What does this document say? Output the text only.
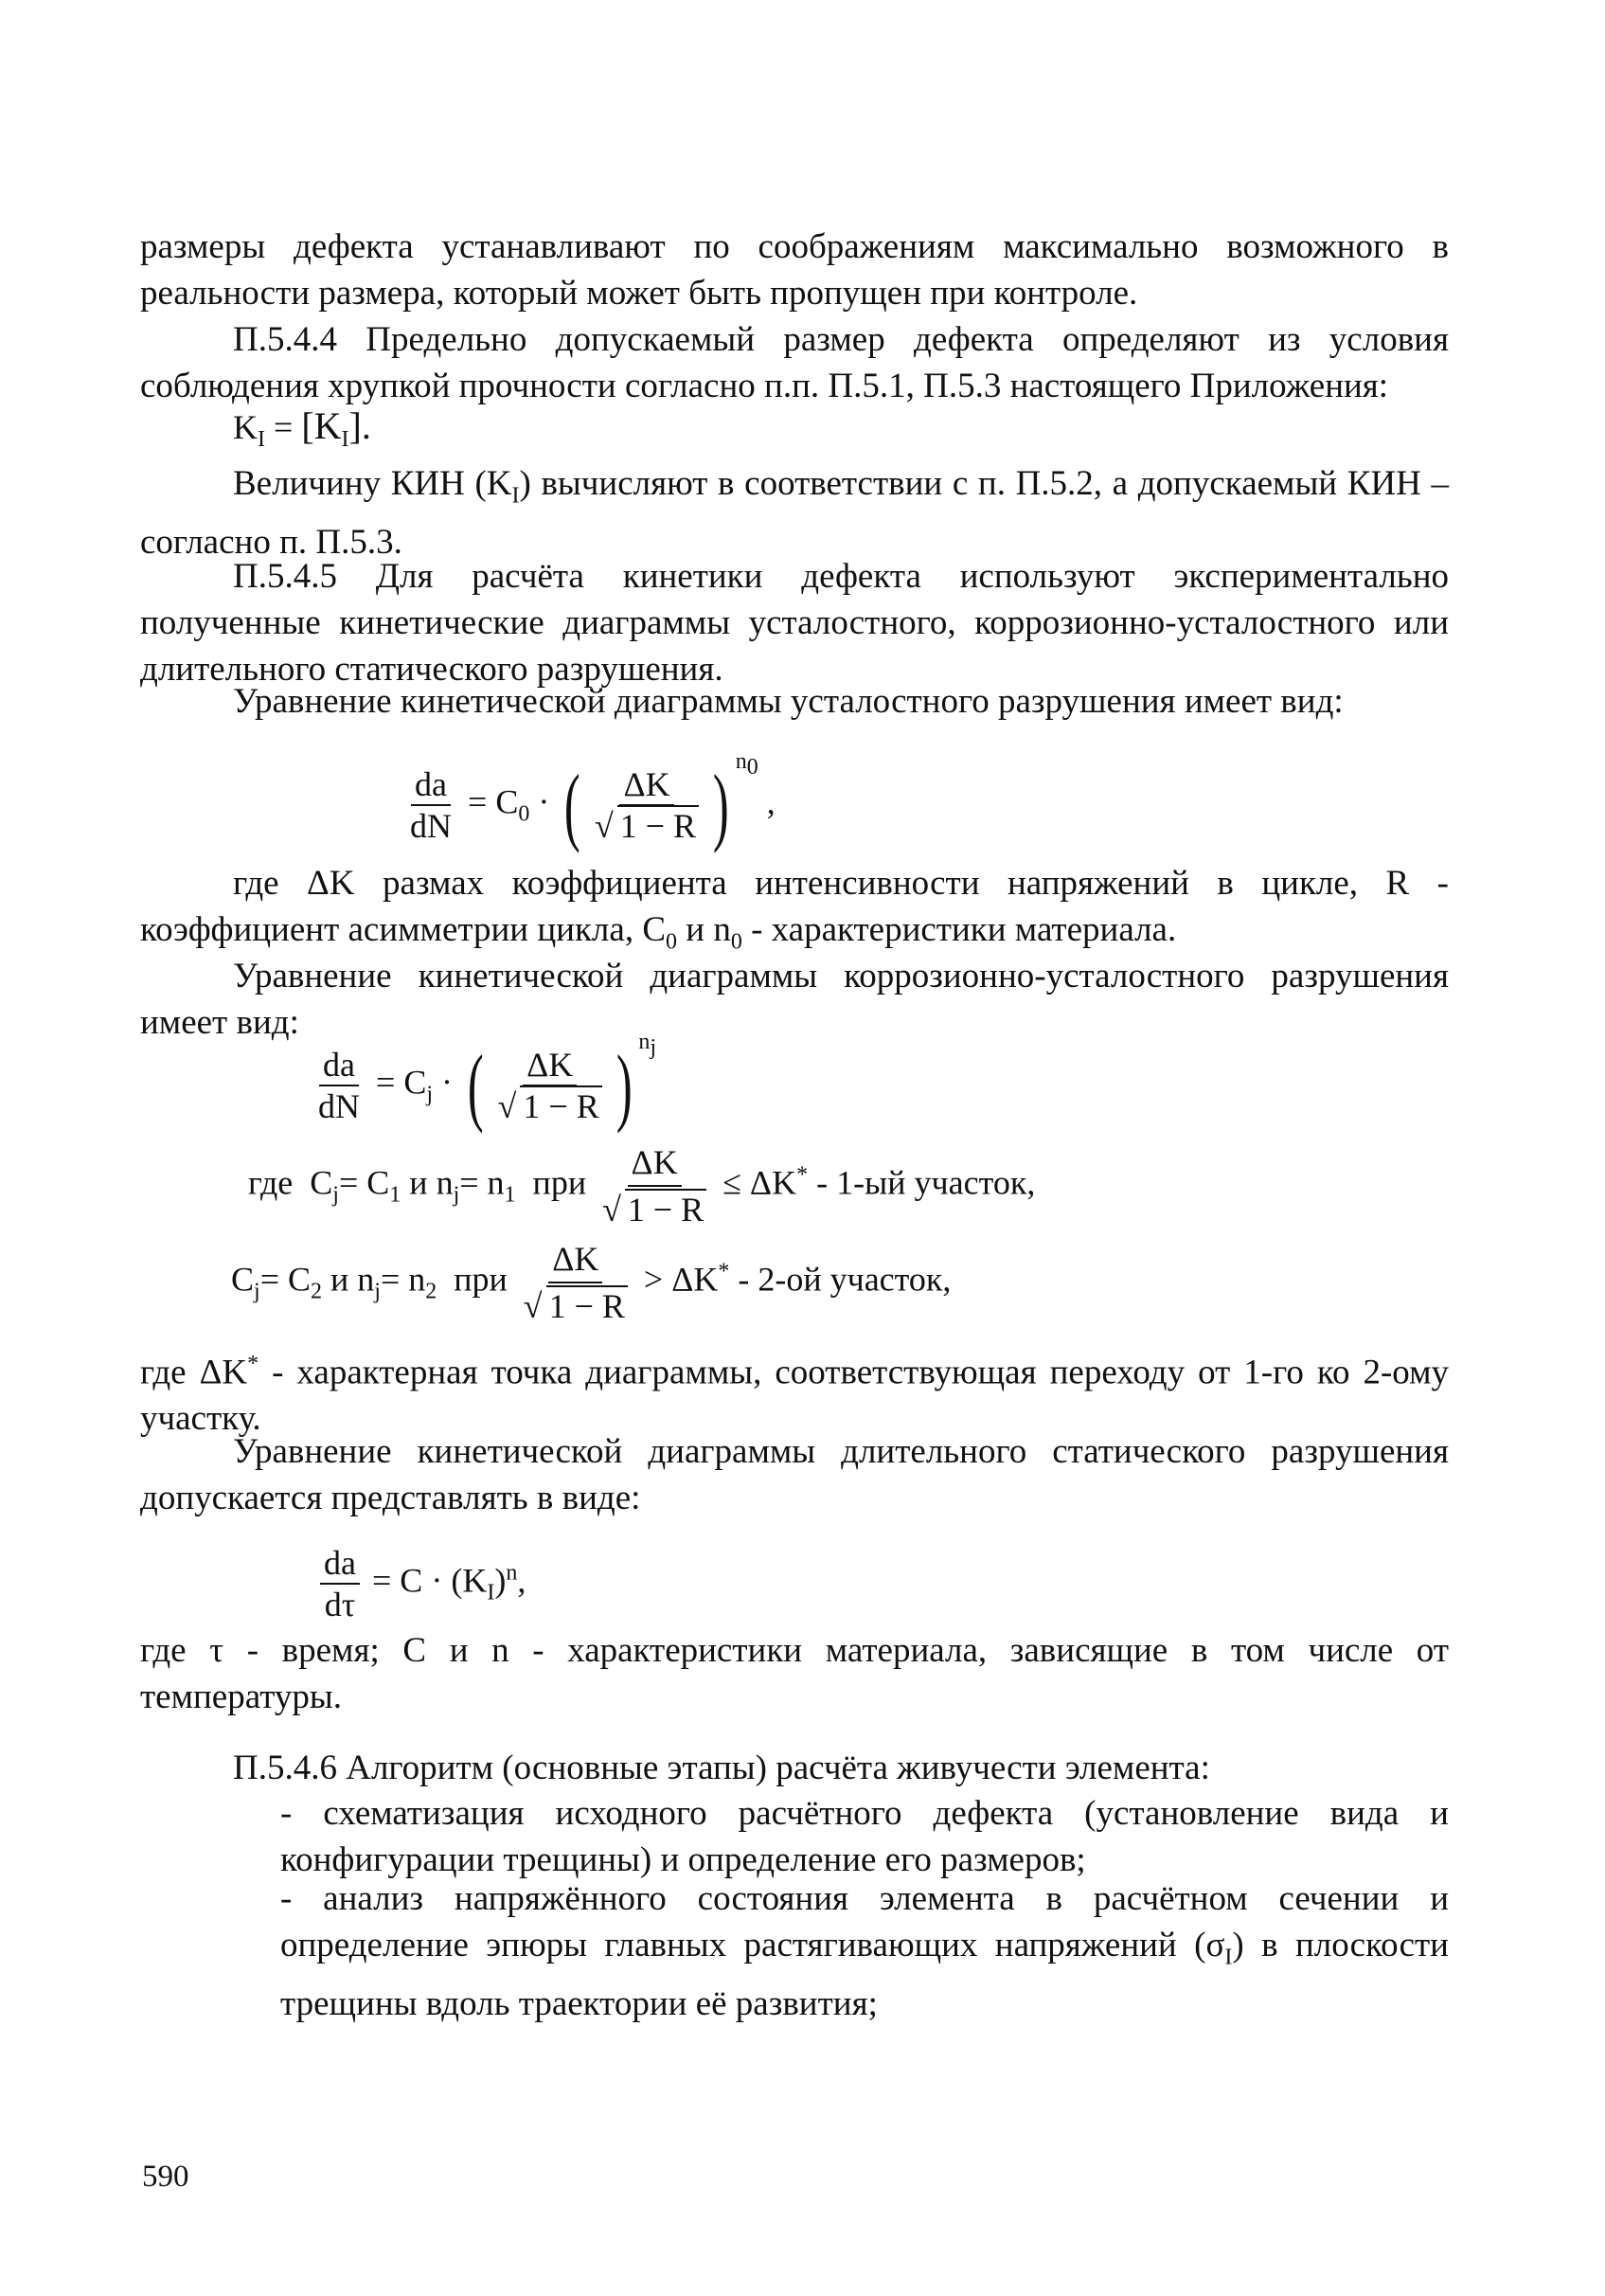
размеры дефекта устанавливают по соображениям максимально возможного в реальности размера, который может быть пропущен при контроле.

П.5.4.4 Предельно допускаемый размер дефекта определяют из условия соблюдения хрупкой прочности согласно п.п. П.5.1, П.5.3 настоящего Приложения:

$K_I = [K_I]$.

Величину КИН $(K_I)$ вычисляют в соответствии с п. П.5.2, а допускаемый КИН – согласно п. П.5.3.

П.5.4.5 Для расчёта кинетики дефекта используют экспериментально полученные кинетические диаграммы усталостного, коррозионно-усталостного или длительного статического разрушения.

Уравнение кинетической диаграммы усталостного разрушения имеет вид:

$\frac{da}{dN} = C_0$ · ( $\frac{\Delta K}{√ 1 - R}$ ) $^{n_0}$ ,

где ΔK размах коэффициента интенсивности напряжений в цикле, R - коэффициент асимметрии цикла, $C_0$ и $n_0$ - характеристики материала.

Уравнение кинетической диаграммы коррозионно-усталостного разрушения имеет вид:

$\frac{da}{dN} = C_j$ · ( $\frac{\Delta K}{√ 1 - R}$ ) $^{n_j}$
где $C_j= C_1$ и $n_j= n_1$ при $\frac{\Delta K}{√ 1 - R} \le \Delta K^* - 1-ый$ участок,
$C_j= C_2$ и $n_j= n_2$ при $\frac{\Delta K}{√ 1 - R} > \Delta K^* - 2-ой$ участок,

где ΔK* - характерная точка диаграммы, соответствующая переходу от 1-го ко 2-ому участку.

Уравнение кинетической диаграммы длительного статического разрушения допускается представлять в виде:

$\frac{da}{d\tau} = C \cdot (K_I)^n$,

где τ - время; С и n - характеристики материала, зависящие в том числе от температуры.

П.5.4.6 Алгоритм (основные этапы) расчёта живучести элемента:

- схематизация исходного расчётного дефекта (установление вида и конфигурации трещины) и определение его размеров;

- анализ напряжённого состояния элемента в расчётном сечении и определение эпюры главных растягивающих напряжений $(\sigma_I)$ в плоскости трещины вдоль траектории её развития;

590
